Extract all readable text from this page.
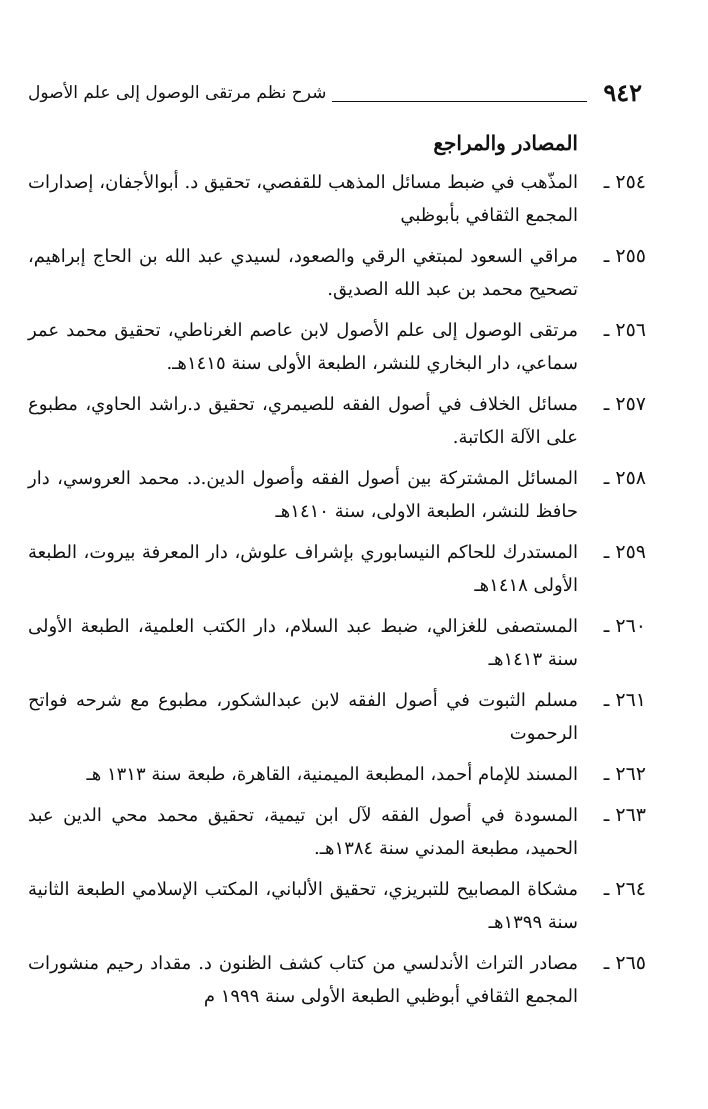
٩٤٢
شرح نظم مرتقى الوصول إلى علم الأصول
المصادر والمراجع
٢٥٤ ـ
المذّهب في ضبط مسائل المذهب للقفصي، تحقيق د. أبوالأجفان، إصدارات المجمع الثقافي بأبوظبي
٢٥٥ ـ
مراقي السعود لمبتغي الرقي والصعود، لسيدي عبد الله بن الحاج إبراهيم، تصحيح محمد بن عبد الله الصديق.
٢٥٦ ـ
مرتقى الوصول إلى علم الأصول لابن عاصم الغرناطي، تحقيق محمد عمر سماعي، دار البخاري للنشر، الطبعة الأولى سنة ١٤١٥هـ.
٢٥٧ ـ
مسائل الخلاف في أصول الفقه للصيمري، تحقيق د.راشد الحاوي، مطبوع على الآلة الكاتبة.
٢٥٨ ـ
المسائل المشتركة بين أصول الفقه وأصول الدين.د. محمد العروسي، دار حافظ للنشر، الطبعة الاولى، سنة ١٤١٠هـ
٢٥٩ ـ
المستدرك للحاكم النيسابوري بإشراف علوش، دار المعرفة بيروت، الطبعة الأولى ١٤١٨هـ
٢٦٠ ـ
المستصفى للغزالي، ضبط عبد السلام، دار الكتب العلمية، الطبعة الأولى سنة ١٤١٣هـ
٢٦١ ـ
مسلم الثبوت في أصول الفقه لابن عبدالشكور، مطبوع مع شرحه فواتح الرحموت
٢٦٢ ـ
المسند للإمام أحمد، المطبعة الميمنية، القاهرة، طبعة سنة ١٣١٣ هـ
٢٦٣ ـ
المسودة في أصول الفقه لآل ابن تيمية، تحقيق محمد محي الدين عبد الحميد، مطبعة المدني سنة ١٣٨٤هـ.
٢٦٤ ـ
مشكاة المصابيح للتبريزي، تحقيق الألباني، المكتب الإسلامي الطبعة الثانية سنة ١٣٩٩هـ
٢٦٥ ـ
مصادر التراث الأندلسي من كتاب كشف الظنون د. مقداد رحيم منشورات المجمع الثقافي أبوظبي الطبعة الأولى سنة ١٩٩٩ م
